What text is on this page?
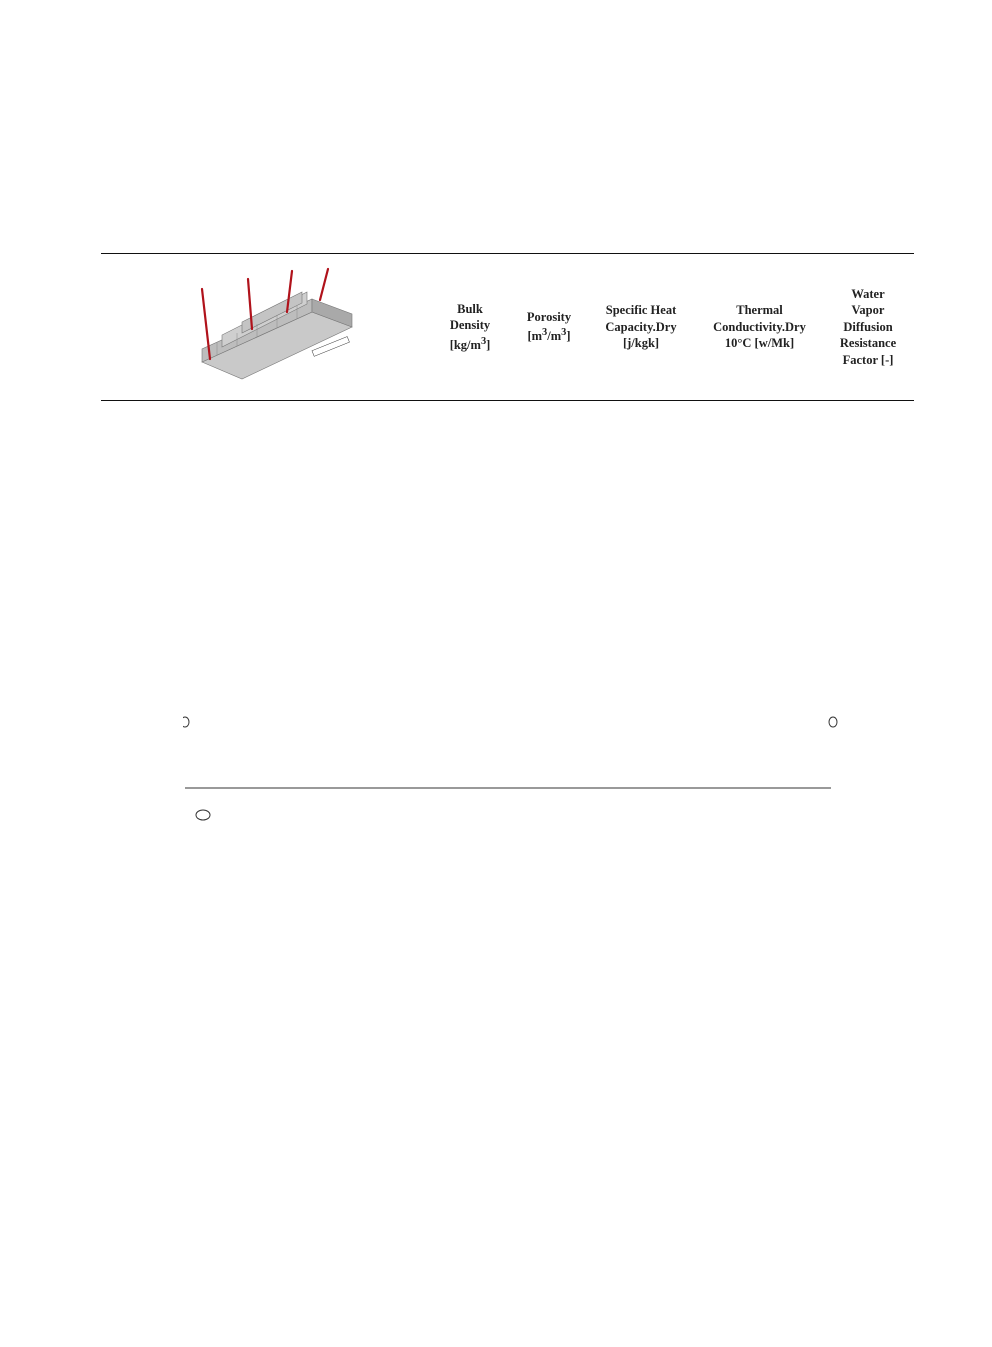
	Bulk
Density
$[kg/m^3]$	Porosity
$[m^3/m^3]$	Specific Heat
Capacity.Dry
[j/kgk]	Thermal
Conductivity.Dry
10°C [w/Mk]	Water
Vapor
Diffusion
Resistance
Factor [-]
